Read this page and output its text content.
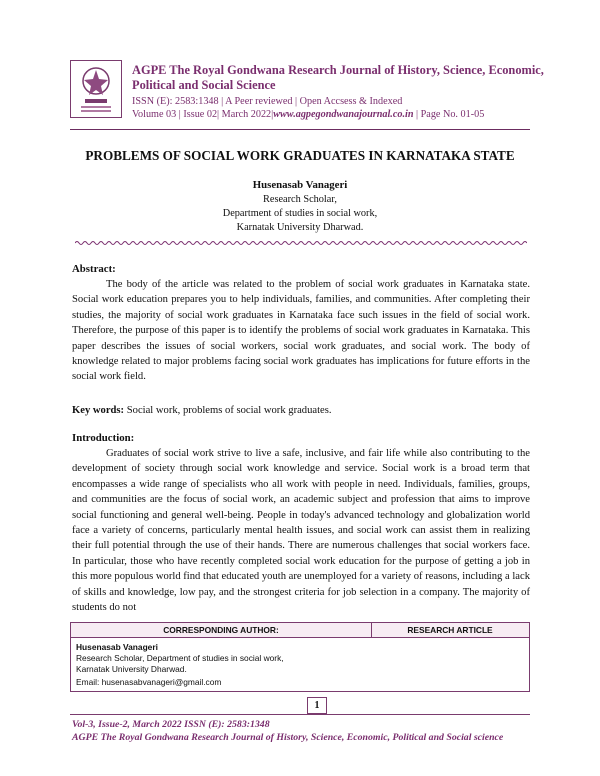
AGPE The Royal Gondwana Research Journal of History, Science, Economic, Political and Social Science
ISSN (E): 2583:1348 | A Peer reviewed | Open Accsess & Indexed
Volume 03 | Issue 02| March 2022|www.agpegondwanajournal.co.in | Page No. 01-05
PROBLEMS OF SOCIAL WORK GRADUATES IN KARNATAKA STATE
Husenasab Vanageri
Research Scholar,
Department of studies in social work,
Karnatak University Dharwad.
Abstract:
The body of the article was related to the problem of social work graduates in Karnataka state. Social work education prepares you to help individuals, families, and communities. After completing their studies, the majority of social work graduates in Karnataka face such issues in the field of social work. Therefore, the purpose of this paper is to identify the problems of social work graduates in Karnataka. This paper describes the issues of social workers, social work graduates, and social work. The body of knowledge related to major problems facing social work graduates has implications for future efforts in the social work field.
Key words: Social work, problems of social work graduates.
Introduction:
Graduates of social work strive to live a safe, inclusive, and fair life while also contributing to the development of society through social work knowledge and service. Social work is a broad term that encompasses a wide range of specialists who all work with people in need. Individuals, families, groups, and communities are the focus of social work, an academic subject and profession that aims to improve social functioning and general well-being. People in today's advanced technology and globalization world face a variety of concerns, particularly mental health issues, and social work can assist them in realizing their full potential through the use of their hands. There are numerous challenges that social workers face. In particular, those who have recently completed social work education for the purpose of getting a job in this more populous world find that educated youth are unemployed for a variety of reasons, including a lack of skills and knowledge, low pay, and the strongest criteria for job selection in a company. The majority of students do not
CORRESPONDING AUTHOR:	RESEARCH ARTICLE
Husenasab Vanageri
Research Scholar, Department of studies in social work,
Karnatak University Dharwad.
Email: husenasabvanageri@gmail.com
1
Vol-3, Issue-2, March 2022 ISSN (E): 2583:1348
AGPE The Royal Gondwana Research Journal of History, Science, Economic, Political and Social science
